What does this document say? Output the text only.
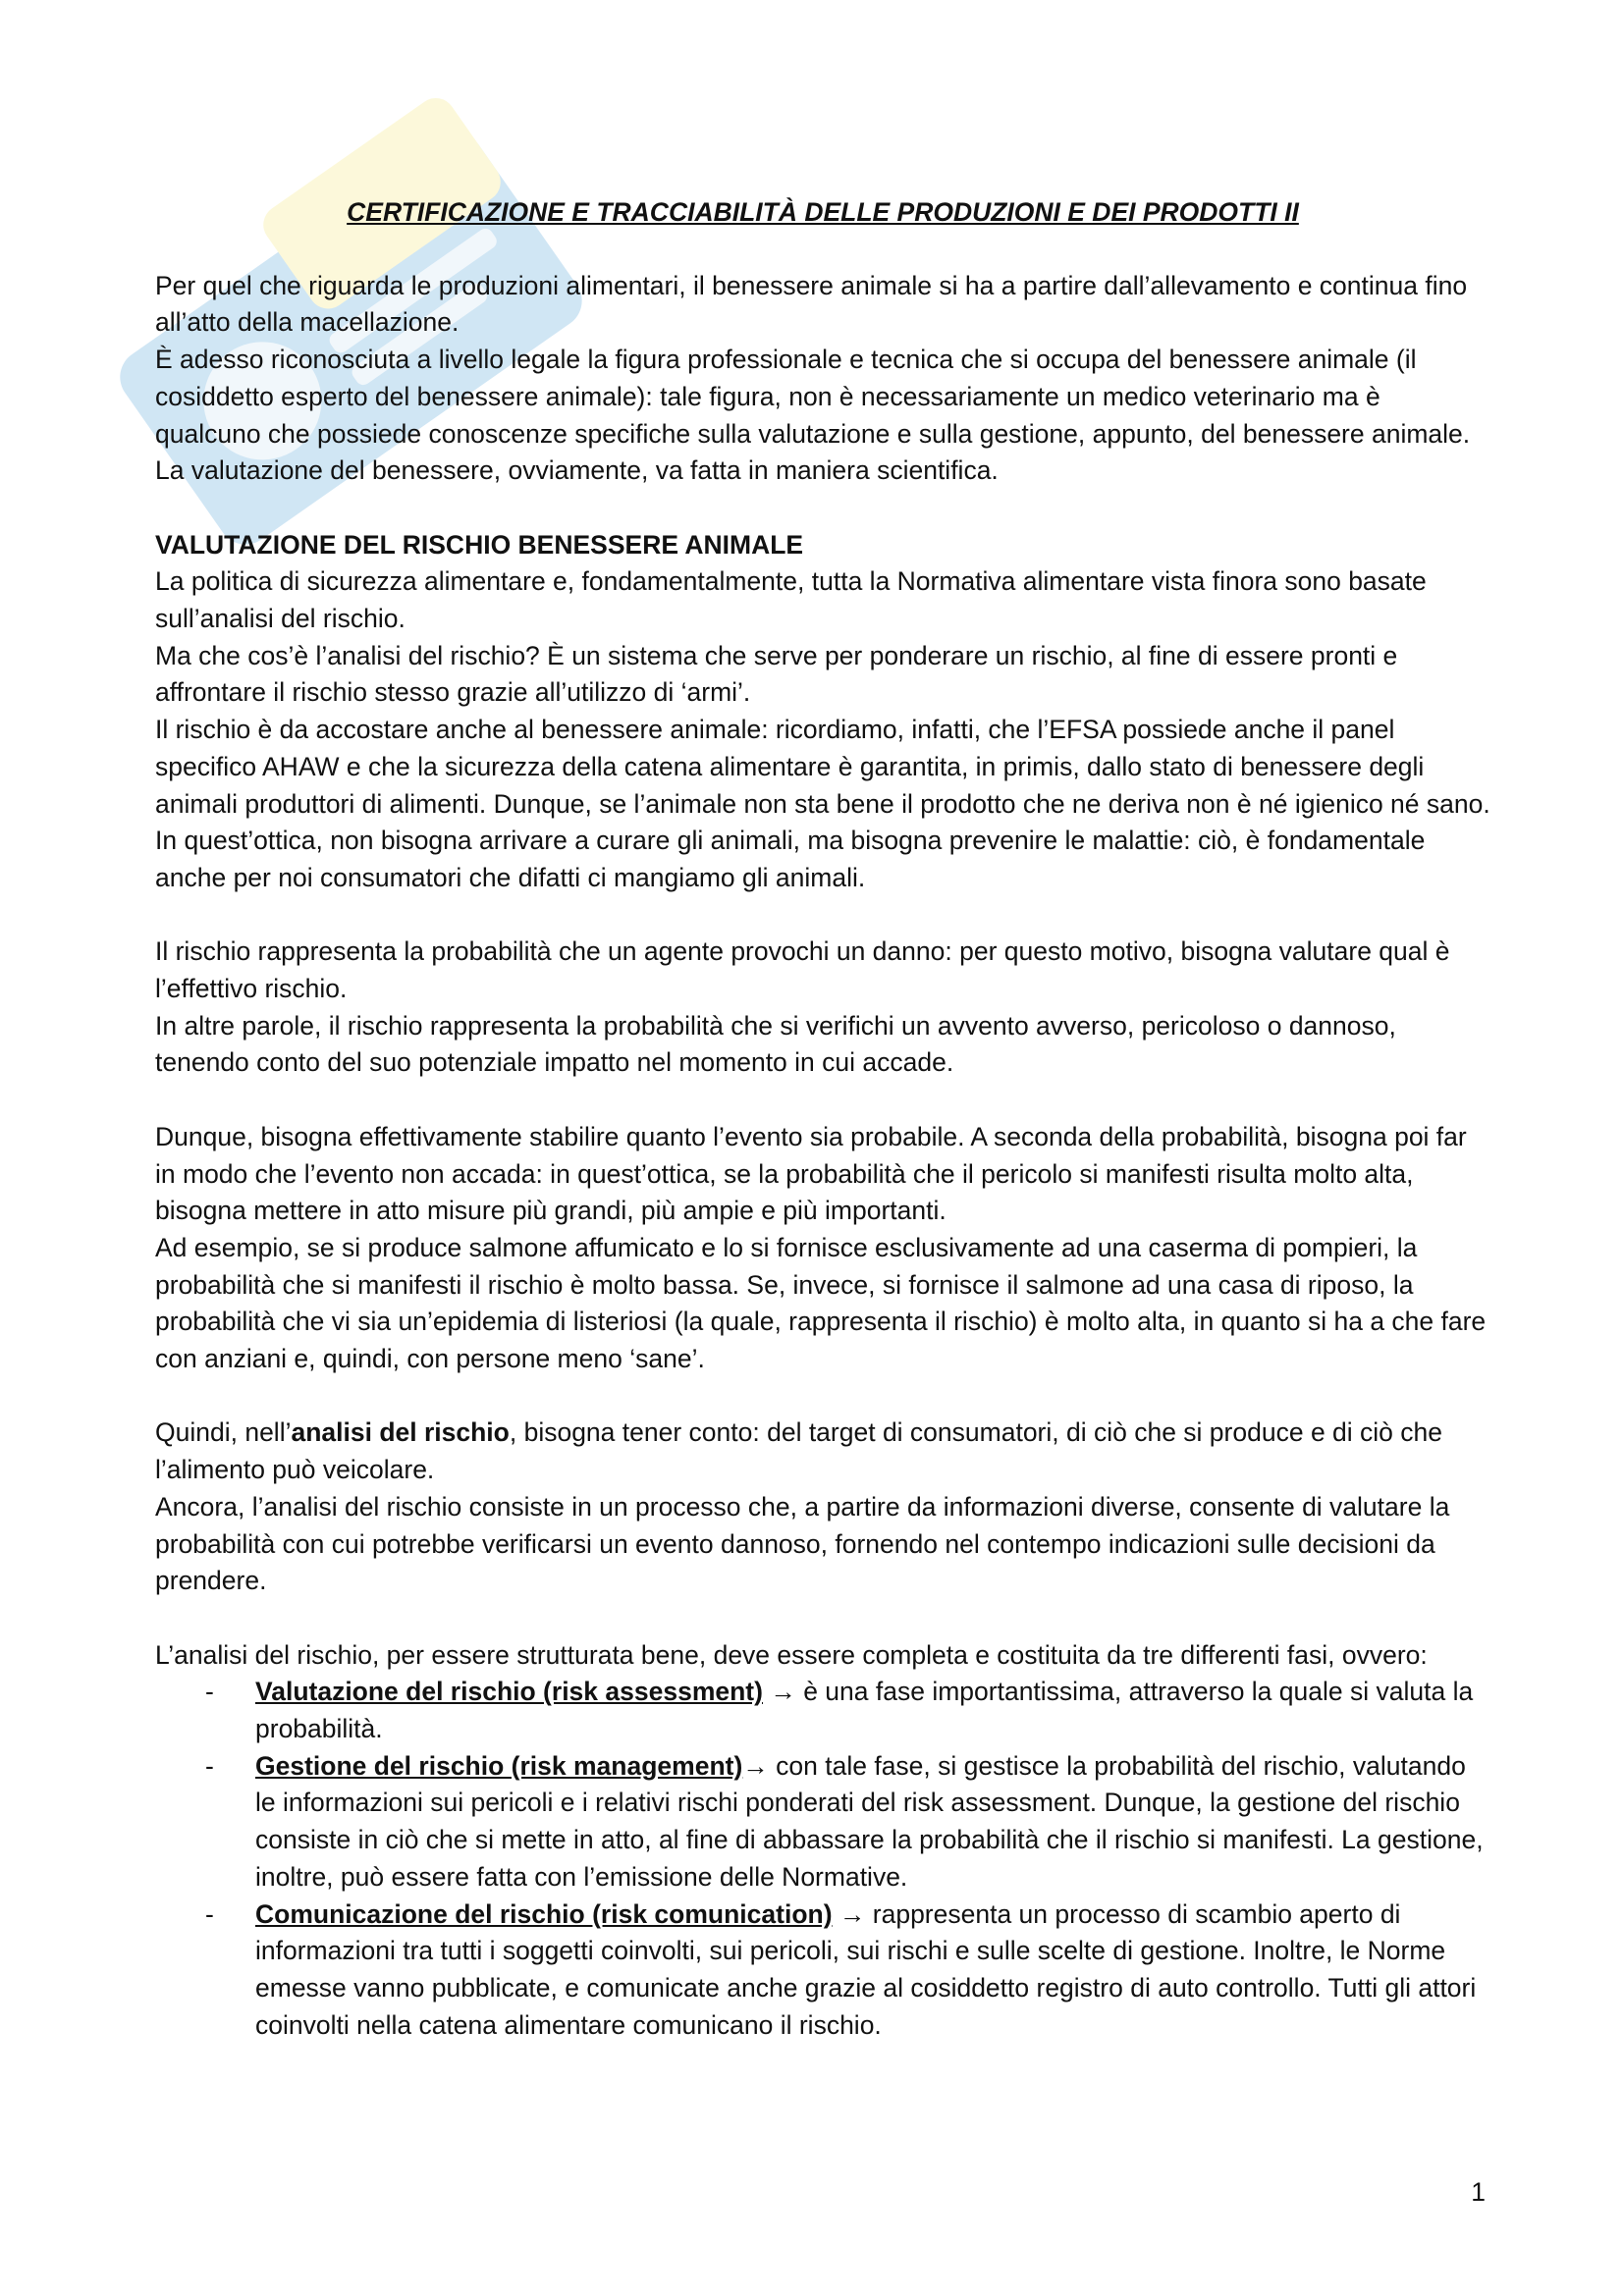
CERTIFICAZIONE E TRACCIABILITÀ DELLE PRODUZIONI E DEI PRODOTTI II

Per quel che riguarda le produzioni alimentari, il benessere animale si ha a partire dall’allevamento e continua fino all’atto della macellazione.

È adesso riconosciuta a livello legale la figura professionale e tecnica che si occupa del benessere animale (il cosiddetto esperto del benessere animale): tale figura, non è necessariamente un medico veterinario ma è qualcuno che possiede conoscenze specifiche sulla valutazione e sulla gestione, appunto, del benessere animale. La valutazione del benessere, ovviamente, va fatta in maniera scientifica.

VALUTAZIONE DEL RISCHIO BENESSERE ANIMALE

La politica di sicurezza alimentare e, fondamentalmente, tutta la Normativa alimentare vista finora sono basate sull’analisi del rischio.

Ma che cos’è l’analisi del rischio? È un sistema che serve per ponderare un rischio, al fine di essere pronti e affrontare il rischio stesso grazie all’utilizzo di ‘armi’.

Il rischio è da accostare anche al benessere animale: ricordiamo, infatti, che l’EFSA possiede anche il panel specifico AHAW e che la sicurezza della catena alimentare è garantita, in primis, dallo stato di benessere degli animali produttori di alimenti. Dunque, se l’animale non sta bene il prodotto che ne deriva non è né igienico né sano.

In quest’ottica, non bisogna arrivare a curare gli animali, ma bisogna prevenire le malattie: ciò, è fondamentale anche per noi consumatori che difatti ci mangiamo gli animali.

Il rischio rappresenta la probabilità che un agente provochi un danno: per questo motivo, bisogna valutare qual è l’effettivo rischio.

In altre parole, il rischio rappresenta la probabilità che si verifichi un avvento avverso, pericoloso o dannoso, tenendo conto del suo potenziale impatto nel momento in cui accade.

Dunque, bisogna effettivamente stabilire quanto l’evento sia probabile. A seconda della probabilità, bisogna poi far in modo che l’evento non accada: in quest’ottica, se la probabilità che il pericolo si manifesti risulta molto alta, bisogna mettere in atto misure più grandi, più ampie e più importanti.

Ad esempio, se si produce salmone affumicato e lo si fornisce esclusivamente ad una caserma di pompieri, la probabilità che si manifesti il rischio è molto bassa. Se, invece, si fornisce il salmone ad una casa di riposo, la probabilità che vi sia un’epidemia di listeriosi (la quale, rappresenta il rischio) è molto alta, in quanto si ha a che fare con anziani e, quindi, con persone meno ‘sane’.

Quindi, nell’analisi del rischio, bisogna tener conto: del target di consumatori, di ciò che si produce e di ciò che l’alimento può veicolare.

Ancora, l’analisi del rischio consiste in un processo che, a partire da informazioni diverse, consente di valutare la probabilità con cui potrebbe verificarsi un evento dannoso, fornendo nel contempo indicazioni sulle decisioni da prendere.

L’analisi del rischio, per essere strutturata bene, deve essere completa e costituita da tre differenti fasi, ovvero:

- Valutazione del rischio (risk assessment) → è una fase importantissima, attraverso la quale si valuta la probabilità.
- Gestione del rischio (risk management)→ con tale fase, si gestisce la probabilità del rischio, valutando le informazioni sui pericoli e i relativi rischi ponderati del risk assessment. Dunque, la gestione del rischio consiste in ciò che si mette in atto, al fine di abbassare la probabilità che il rischio si manifesti. La gestione, inoltre, può essere fatta con l’emissione delle Normative.
- Comunicazione del rischio (risk comunication) → rappresenta un processo di scambio aperto di informazioni tra tutti i soggetti coinvolti, sui pericoli, sui rischi e sulle scelte di gestione. Inoltre, le Norme emesse vanno pubblicate, e comunicate anche grazie al cosiddetto registro di auto controllo. Tutti gli attori coinvolti nella catena alimentare comunicano il rischio.
1
